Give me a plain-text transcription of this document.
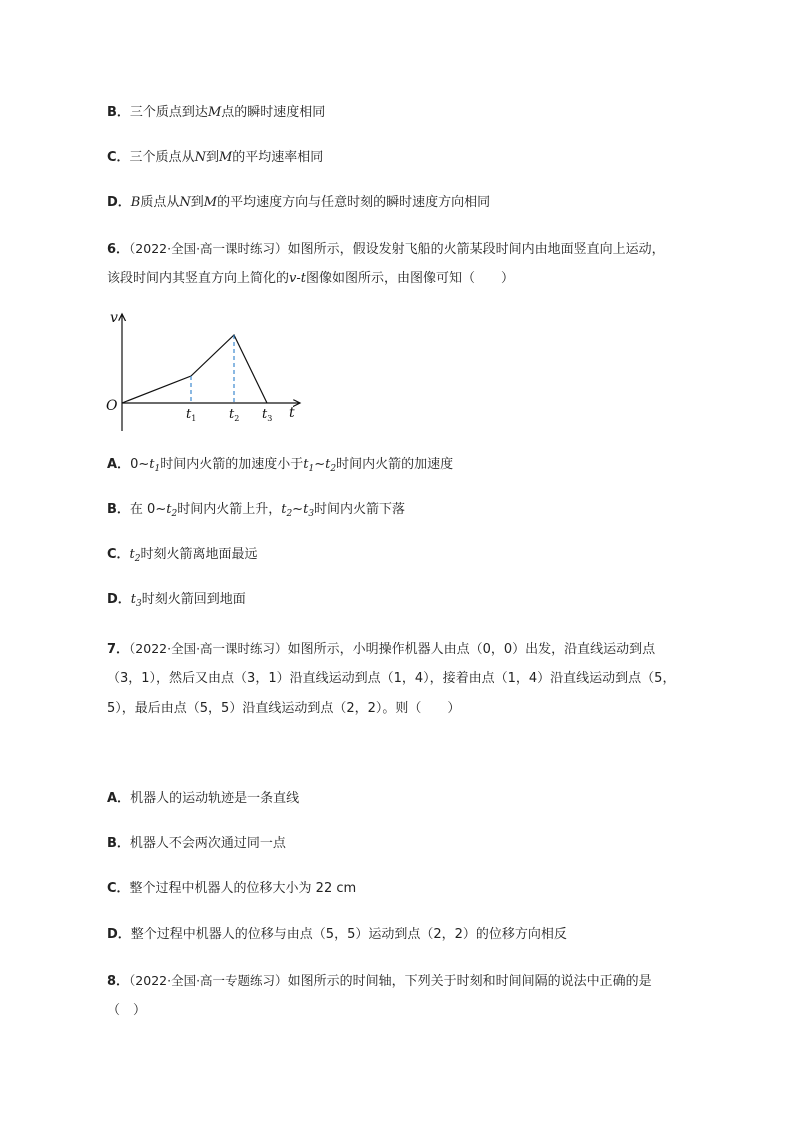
B．三个质点到达M点的瞬时速度相同
C．三个质点从N到M的平均速率相同
D．B质点从N到M的平均速度方向与任意时刻的瞬时速度方向相同
6．（2022·全国·高一课时练习）如图所示，假设发射飞船的火箭某段时间内由地面竖直向上运动，
该段时间内其竖直方向上简化的v-t图像如图所示，由图像可知（　　）
v
O	t
$t_1$	$t_2$ $t_3$
A．$0\sim t_1$时间内火箭的加速度小于$t_1\sim t_2$时间内火箭的加速度
B．在 $0\sim t_2$时间内火箭上升，$t_2\sim t_3$时间内火箭下落
C．$t_2$时刻火箭离地面最远
D．$t_3$时刻火箭回到地面
7．（2022·全国·高一课时练习）如图所示，小明操作机器人由点（0，0）出发，沿直线运动到点
（3，1），然后又由点（3，1）沿直线运动到点（1，4），接着由点（1，4）沿直线运动到点（5，
5），最后由点（5，5）沿直线运动到点（2，2）。则（　　）
A．机器人的运动轨迹是一条直线
B．机器人不会两次通过同一点
C．整个过程中机器人的位移大小为 22 cm
D．整个过程中机器人的位移与由点（5，5）运动到点（2，2）的位移方向相反
8．（2022·全国·高一专题练习）如图所示的时间轴，下列关于时刻和时间间隔的说法中正确的是
（　）
